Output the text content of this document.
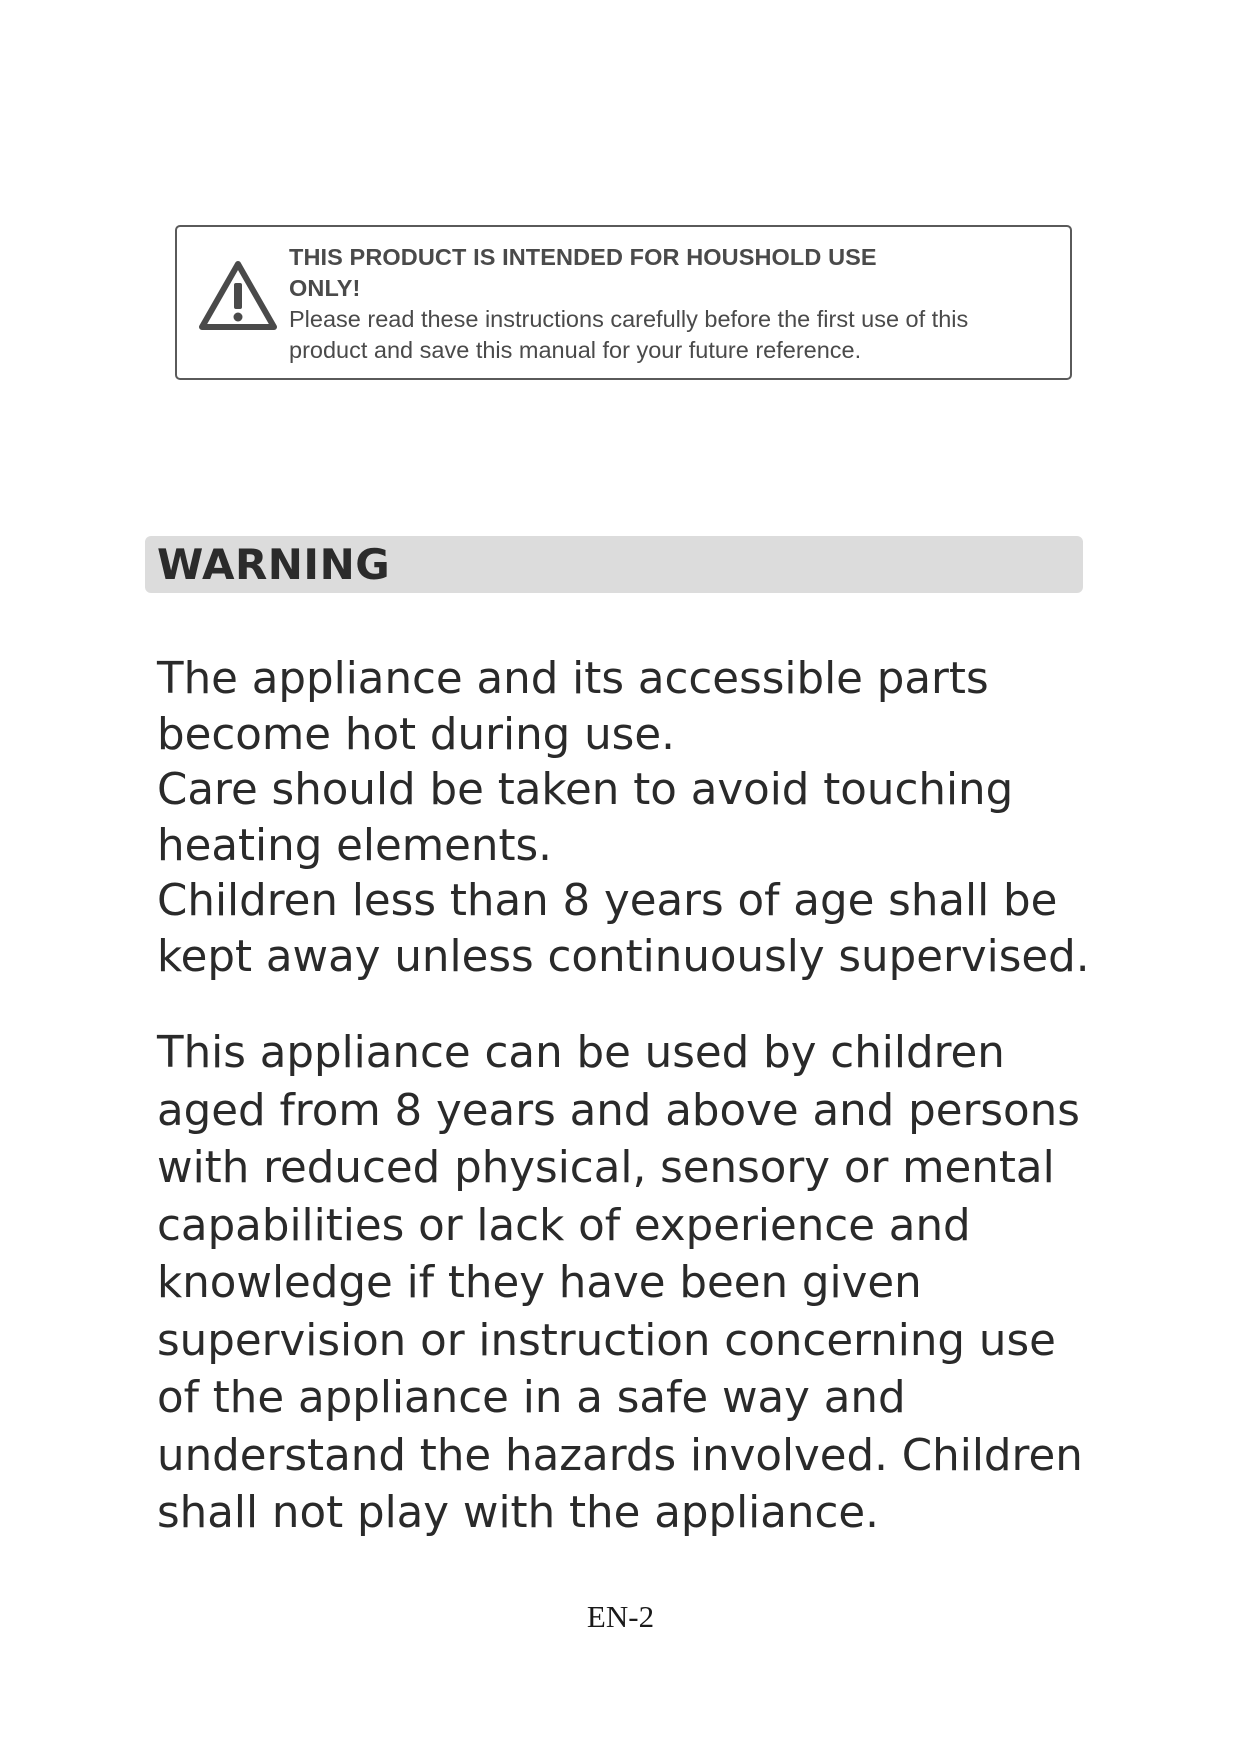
THIS PRODUCT IS INTENDED FOR HOUSHOLD USE
ONLY!
Please read these instructions carefully before the first use of this
product and save this manual for your future reference.
WARNING
The appliance and its accessible parts
become hot during use.
Care should be taken to avoid touching
heating elements.
Children less than 8 years of age shall be
kept away unless continuously supervised.
This appliance can be used by children
aged from 8 years and above and persons
with reduced physical, sensory or mental
capabilities or lack of experience and
knowledge if they have been given
supervision or instruction concerning use
of the appliance in a safe way and
understand the hazards involved. Children
shall not play with the appliance.
EN-2
